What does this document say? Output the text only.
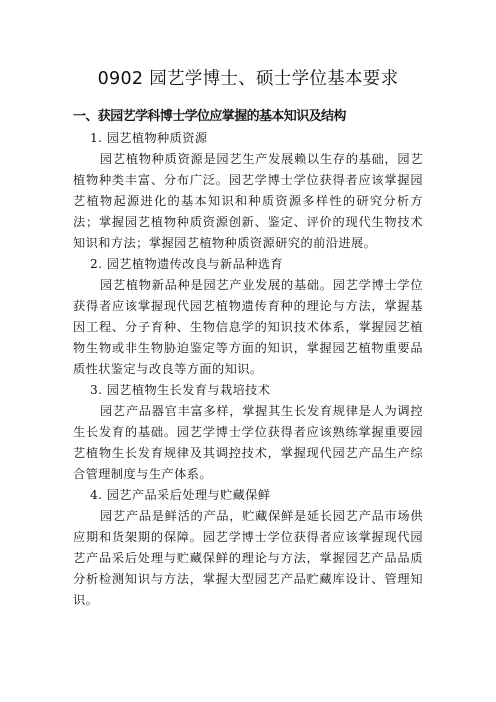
0902 园艺学博士、硕士学位基本要求

一、获园艺学科博士学位应掌握的基本知识及结构

1. 园艺植物种质资源

园艺植物种质资源是园艺生产发展赖以生存的基础，园艺植物种类丰富、分布广泛。园艺学博士学位获得者应该掌握园艺植物起源进化的基本知识和种质资源多样性的研究分析方法；掌握园艺植物种质资源创新、鉴定、评价的现代生物技术知识和方法；掌握园艺植物种质资源研究的前沿进展。

2. 园艺植物遗传改良与新品种选育

园艺植物新品种是园艺产业发展的基础。园艺学博士学位获得者应该掌握现代园艺植物遗传育种的理论与方法，掌握基因工程、分子育种、生物信息学的知识技术体系，掌握园艺植物生物或非生物胁迫鉴定等方面的知识，掌握园艺植物重要品质性状鉴定与改良等方面的知识。

3. 园艺植物生长发育与栽培技术

园艺产品器官丰富多样，掌握其生长发育规律是人为调控生长发育的基础。园艺学博士学位获得者应该熟练掌握重要园艺植物生长发育规律及其调控技术，掌握现代园艺产品生产综合管理制度与生产体系。

4. 园艺产品采后处理与贮藏保鲜

园艺产品是鲜活的产品，贮藏保鲜是延长园艺产品市场供应期和货架期的保障。园艺学博士学位获得者应该掌握现代园艺产品采后处理与贮藏保鲜的理论与方法，掌握园艺产品品质分析检测知识与方法，掌握大型园艺产品贮藏库设计、管理知识。
